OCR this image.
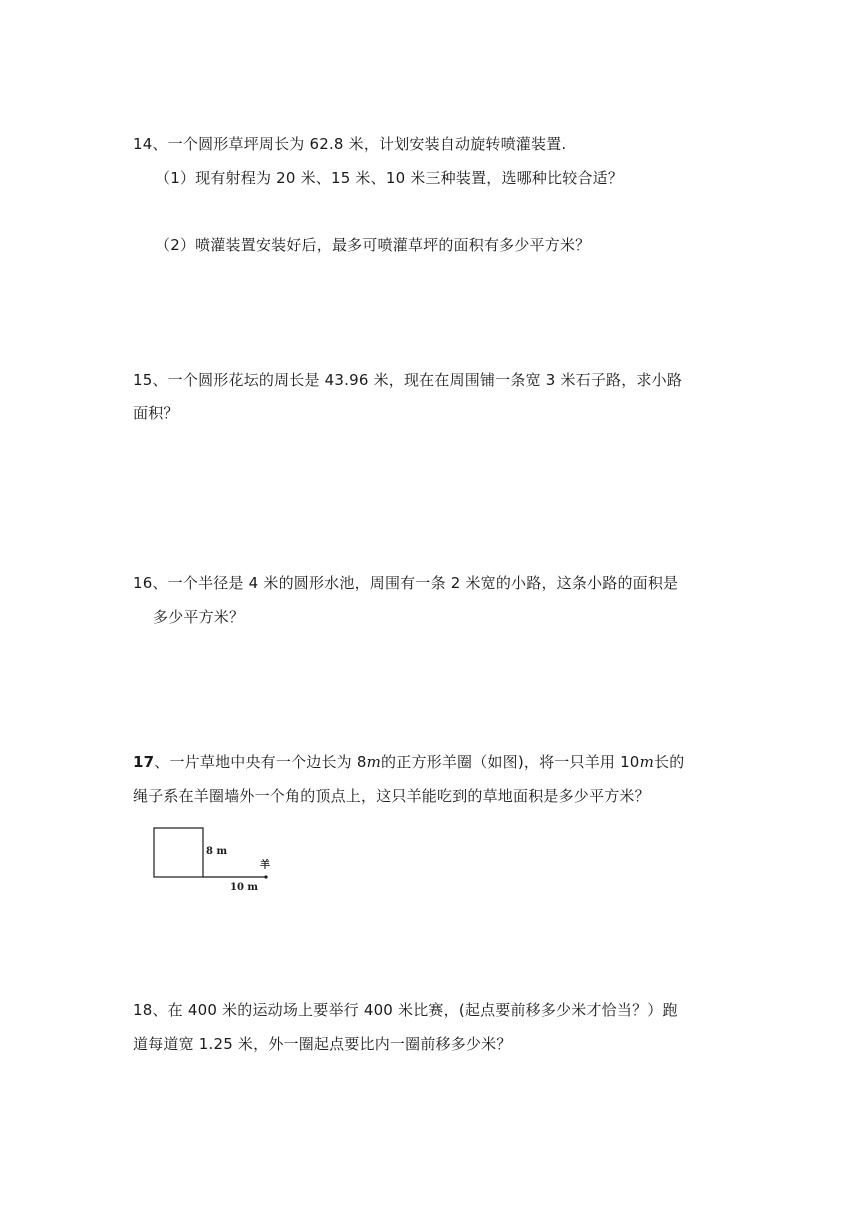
14、一个圆形草坪周长为 62.8 米，计划安装自动旋转喷灌装置.
（1）现有射程为 20 米、15 米、10 米三种装置，选哪种比较合适？
（2）喷灌装置安装好后，最多可喷灌草坪的面积有多少平方米？
15、一个圆形花坛的周长是 43.96 米，现在在周围铺一条宽 3 米石子路，求小路
面积？
16、一个半径是 4 米的圆形水池，周围有一条 2 米宽的小路，这条小路的面积是
多少平方米？
17、一片草地中央有一个边长为 8m的正方形羊圈（如图)，将一只羊用 10m长的
绳子系在羊圈墙外一个角的顶点上，这只羊能吃到的草地面积是多少平方米？
8 m
10 m
羊
18、在 400 米的运动场上要举行 400 米比赛，(起点要前移多少米才恰当？）跑
道每道宽 1.25 米，外一圈起点要比内一圈前移多少米？
